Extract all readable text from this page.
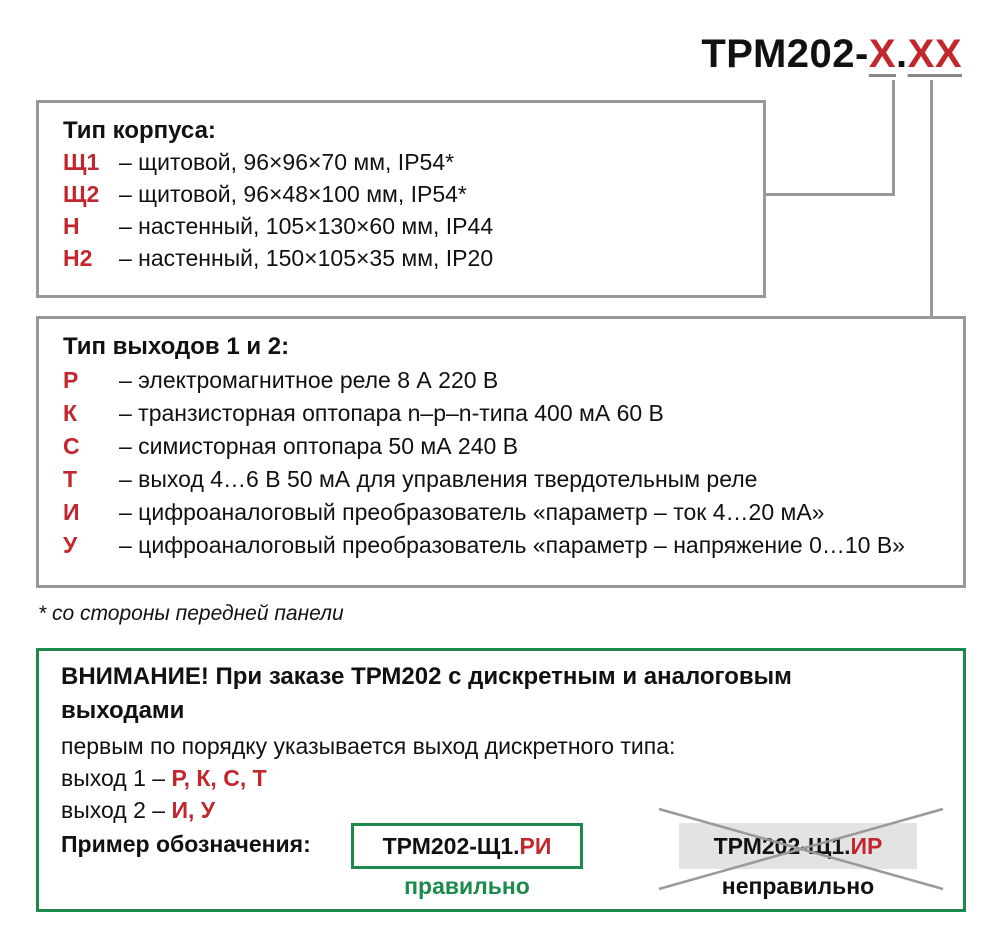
ТРМ202-X.XX
Тип корпуса:
Щ1 – щитовой, 96×96×70 мм, IP54*
Щ2 – щитовой, 96×48×100 мм, IP54*
Н – настенный, 105×130×60 мм, IP44
Н2 – настенный, 150×105×35 мм, IP20
Тип выходов 1 и 2:
Р – электромагнитное реле 8 А 220 В
К – транзисторная оптопара n–p–n-типа 400 мА 60 В
С – симисторная оптопара 50 мА 240 В
Т – выход 4…6 В 50 мА для управления твердотельным реле
И – цифроаналоговый преобразователь «параметр – ток 4…20 мА»
У – цифроаналоговый преобразователь «параметр – напряжение 0…10 В»
* со стороны передней панели
ВНИМАНИЕ! При заказе ТРМ202 с дискретным и аналоговым
выходами
первым по порядку указывается выход дискретного типа:
выход 1 – Р, К, С, Т
выход 2 – И, У
Пример обозначения:	ТРМ202-Щ1.РИ
правильно
ТРМ202-Щ1.ИР
неправильно
